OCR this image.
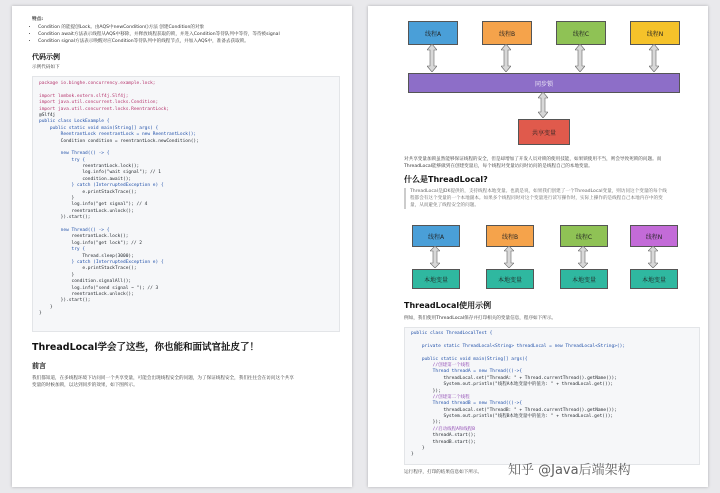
特点:
• Condition 的能提创Lock。由AQS中newCondition()方法 创建Condition的对象
• Condition await方法表示线程从AQS中移除，并释放线程获取的锁，并进入Condition等待队列中等待，等待被signal
• Condition signal方法表示唤醒对应Condition等待队列中的线程节点，并加入AQS中，准备去获取锁。
代码示例
示例代码如下
package io.binghe.concurrency.example.lock;
import lombok.extern.slf4j.Slf4j;
import java.util.concurrent.locks.Condition;
import java.util.concurrent.locks.ReentrantLock;
@Slf4j
public class LockExample {
public static void main(String[] args) {
ReentrantLock reentrantLock = new ReentrantLock();
Condition condition = reentrantLock.newCondition();
new Thread(() -> {
try {
reentrantLock.lock();
log.info("wait signal"); // 1
condition.await();
} catch (InterruptedException e) {
e.printStackTrace();
}
log.info("get signal"); // 4
reentrantLock.unlock();
}).start();
new Thread(() -> {
reentrantLock.lock();
log.info("get lock"); // 2
try {
Thread.sleep(3000);
} catch (InterruptedException e) {
e.printStackTrace();
}
condition.signalAll();
log.info("send signal ~ "); // 3
reentrantLock.unlock();
}).start();
}
}
ThreadLocal学会了这些，你也能和面试官扯皮了！
前言
我们都知道，在多线程环境下访问同一个共享变量，可能会出现线程安全的问题，为了保证线程安全，我们往往会在访问这个共享
变量的时候加锁，以达到同步的效果，如下图所示。
线程A	线程B	线程C	线程N
同步锁
共享变量
对共享变量加锁虽然能够保证线程的安全，但是却增加了开发人员对锁的使用技能，如果锁使用不当，则会导致死锁的问题。而
ThreadLocal能够做到在创建变量后，每个线程对变量访问时访问的是线程自己的本地变量。
什么是ThreadLocal?
ThreadLocal是JDK提供的，支持线程本地变量。也就是说，如果我们创建了一个ThreadLocal变量，则访问这个变量的每个线
程都会有这个变量的一个本地副本。如果多个线程同时对这个变量进行读写操作时，实际上操作的是线程自己本地内存中的变
量，从而避免了线程安全的问题。
线程A	线程B	线程C	线程N
本地变量	本地变量	本地变量	本地变量
ThreadLocal使用示例
例如，我们使用ThreadLocal保存并打印相关的变量信息，程序如下所示。
public class ThreadLocalTest {
private static ThreadLocal<String> threadLocal = new ThreadLocal<String>();
public static void main(String[] args){
//创建第一个线程
Thread threadA = new Thread(()->{
threadLocal.set("ThreadA: " + Thread.currentThread().getName());
System.out.println("线程A本地变量中的值为: " + threadLocal.get());
});
//创建第二个线程
Thread threadB = new Thread(()->{
threadLocal.set("ThreadB: " + Thread.currentThread().getName());
System.out.println("线程B本地变量中的值为: " + threadLocal.get());
});
//启动线程A和线程B
threadA.start();
threadB.start();
}
}
运行程序，打印的结果信息如下所示。 知乎 @Java后端架构
